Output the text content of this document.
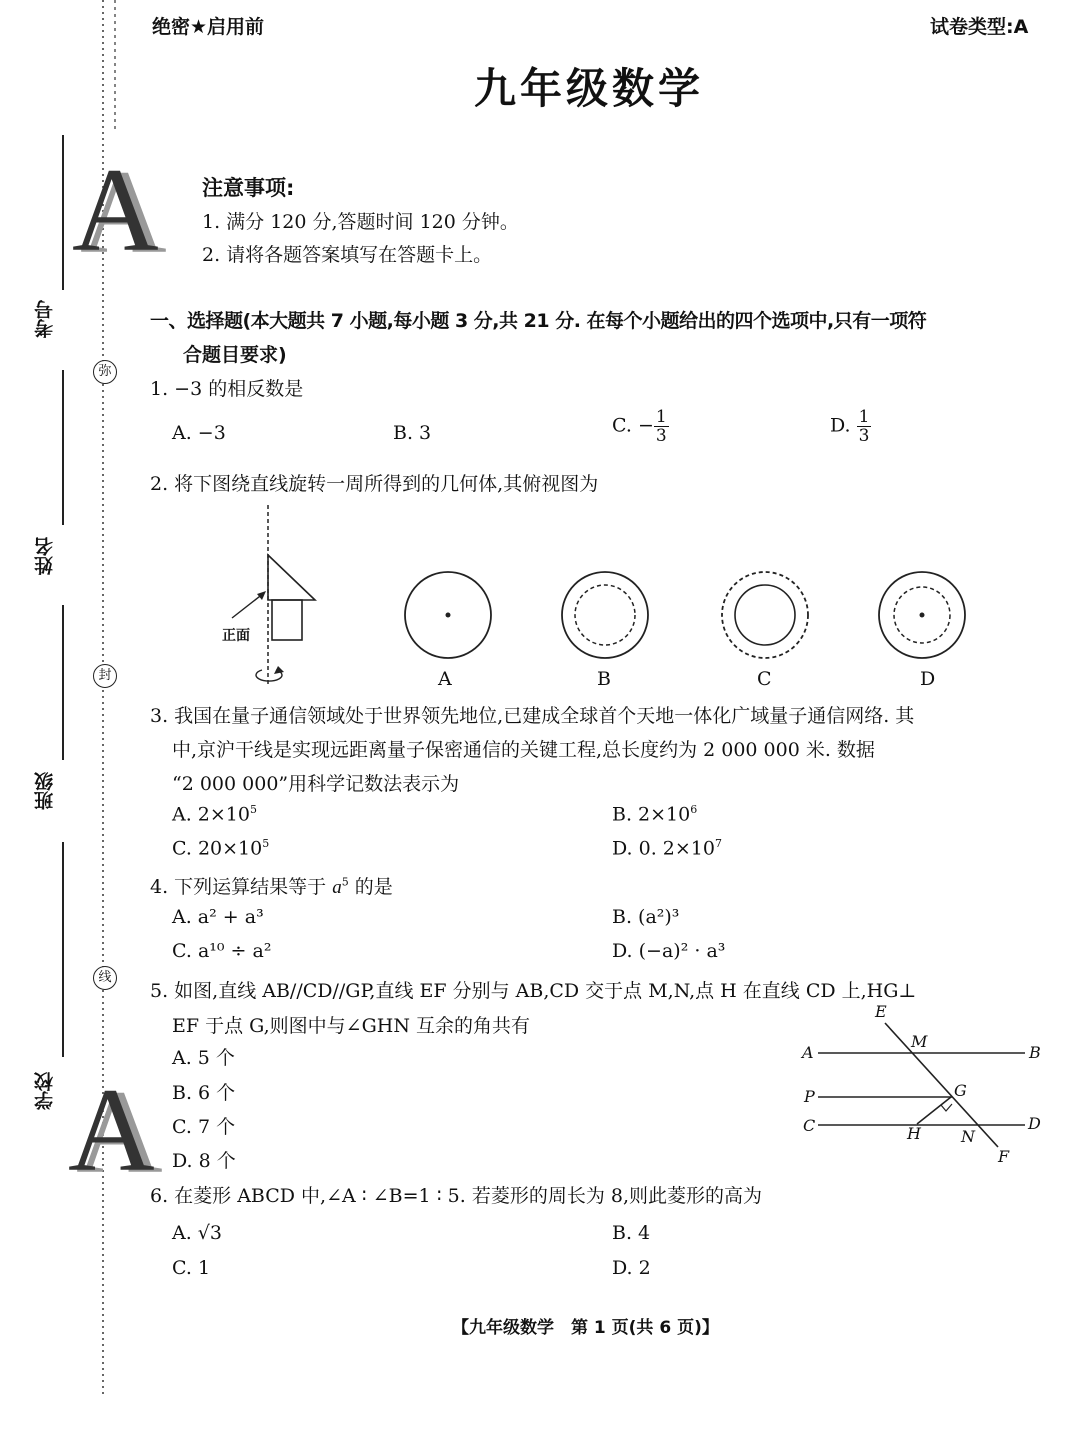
考号
姓名
班级
学校
弥
封
线
A
A
绝密★启用前	试卷类型:A
九年级数学
注意事项:
1. 满分 120 分,答题时间 120 分钟。
2. 请将各题答案填写在答题卡上。
一、选择题(本大题共 7 小题,每小题 3 分,共 21 分. 在每个小题给出的四个选项中,只有一项符
合题目要求)
1. −3 的相反数是
A. −3	B. 3	C. − $\frac{1}{3}$	D. $\frac{1}{3}$
2. 将下图绕直线旋转一周所得到的几何体,其俯视图为
正面
A	B	C	D
3. 我国在量子通信领域处于世界领先地位,已建成全球首个天地一体化广域量子通信网络. 其
中,京沪干线是实现远距离量子保密通信的关键工程,总长度约为 2 000 000 米. 数据
“2 000 000”用科学记数法表示为
A. $2\times 10^5$	B. $2\times 10^6$
C. $20\times 10^5$	D. 0. $2\times 10^7$
4. 下列运算结果等于 $a^5$ 的是
A. a² + a³	B. (a²)³
C. a¹⁰ ÷ a²	D. (−a)² · a³
5. 如图,直线 AB//CD//GP,直线 EF 分别与 AB,CD 交于点 M,N,点 H 在直线 CD 上,HG⊥
EF 于点 G,则图中与∠GHN 互余的角共有
A. 5 个
B. 6 个
C. 7 个
D. 8 个
E
M
A	B
P	G
C	D
H	N
F
6. 在菱形 ABCD 中,∠A ∶ ∠B=1 ∶ 5. 若菱形的周长为 8,则此菱形的高为
A. √3	B. 4
C. 1	D. 2
【九年级数学　第 1 页(共 6 页)】
